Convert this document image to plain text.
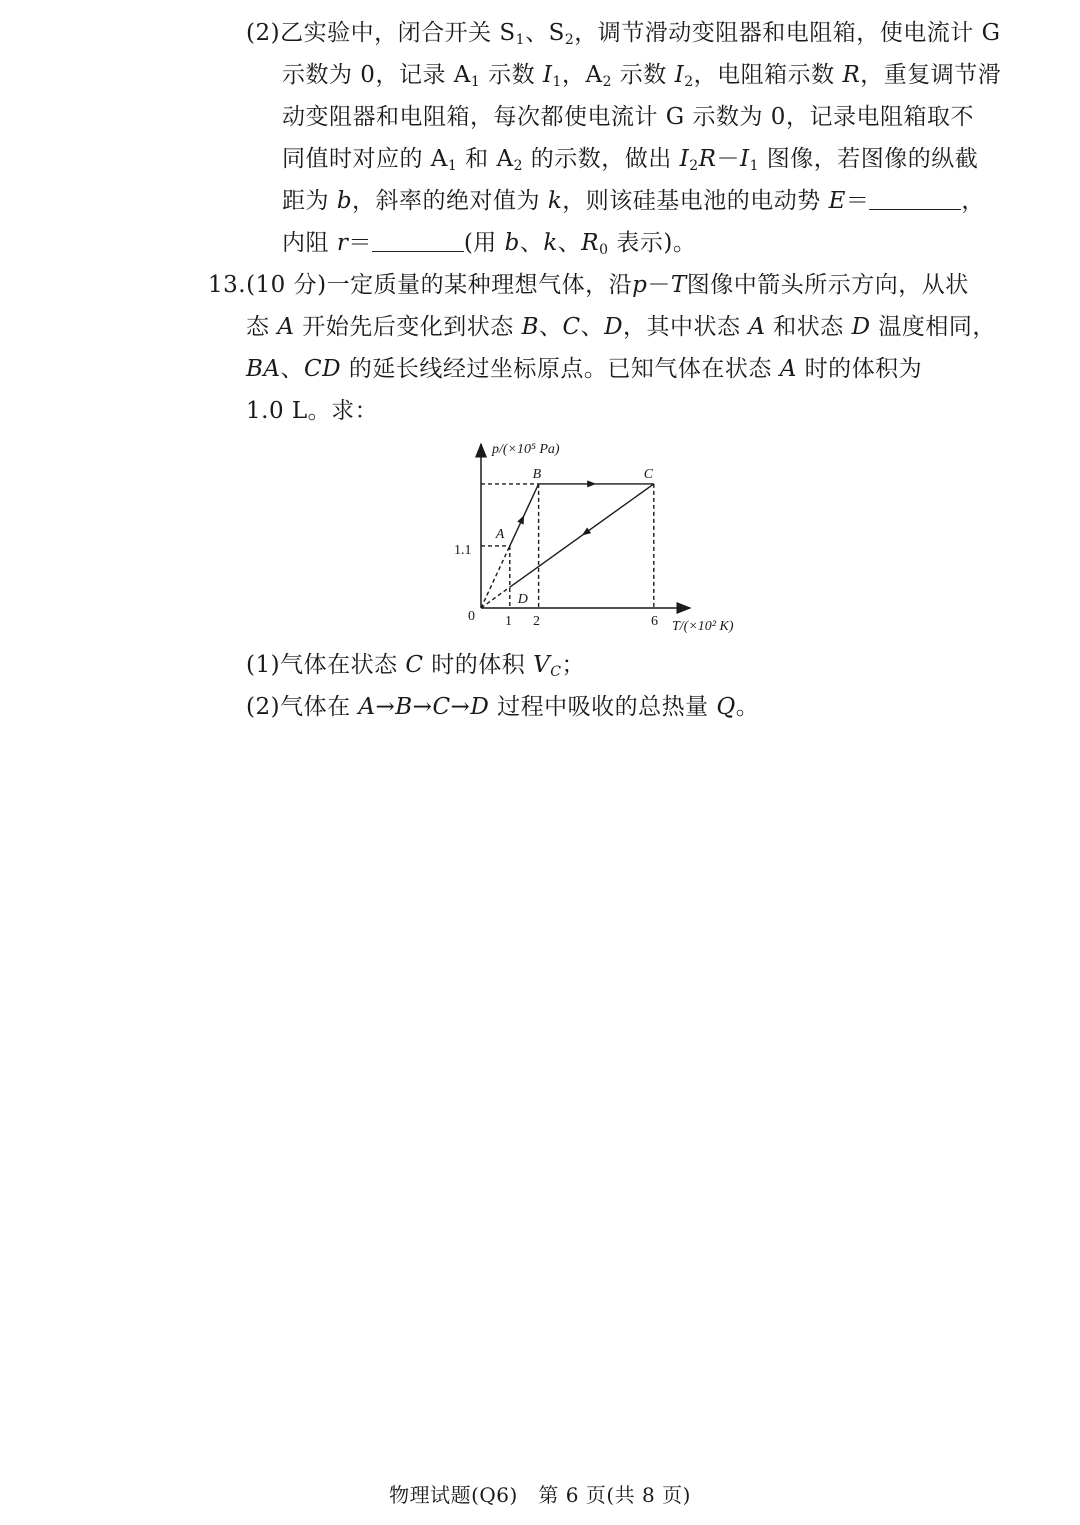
(2)乙实验中，闭合开关 $S_1$、$S_2$，调节滑动变阻器和电阻箱，使电流计 G
示数为 0，记录 $A_1$ 示数 $I_1$，$A_2$ 示数 $I_2$，电阻箱示数 R，重复调节滑
动变阻器和电阻箱，每次都使电流计 G 示数为 0，记录电阻箱取不
同值时对应的 $A_1$ 和 $A_2$ 的示数，做出 $I_2R-I_1$ 图像，若图像的纵截
距为 b，斜率的绝对值为 k，则该硅基电池的电动势 E＝	，
内阻 r＝	(用 b、k、$R_0$ 表示)。
13.(10 分)一定质量的某种理想气体，沿p－T图像中箭头所示方向，从状
态 A 开始先后变化到状态 B、C、D，其中状态 A 和状态 D 温度相同，
BA、CD 的延长线经过坐标原点。已知气体在状态 A 时的体积为
1.0 L。求：
p/(×10⁵ Pa)
T/(×10² K)
0
1.1
1 2	6
A
B	C
D
(1)气体在状态 C 时的体积 $V_C$；
(2)气体在 A→B→C→D 过程中吸收的总热量 Q。
物理试题(Q6) 第 6 页(共 8 页)
